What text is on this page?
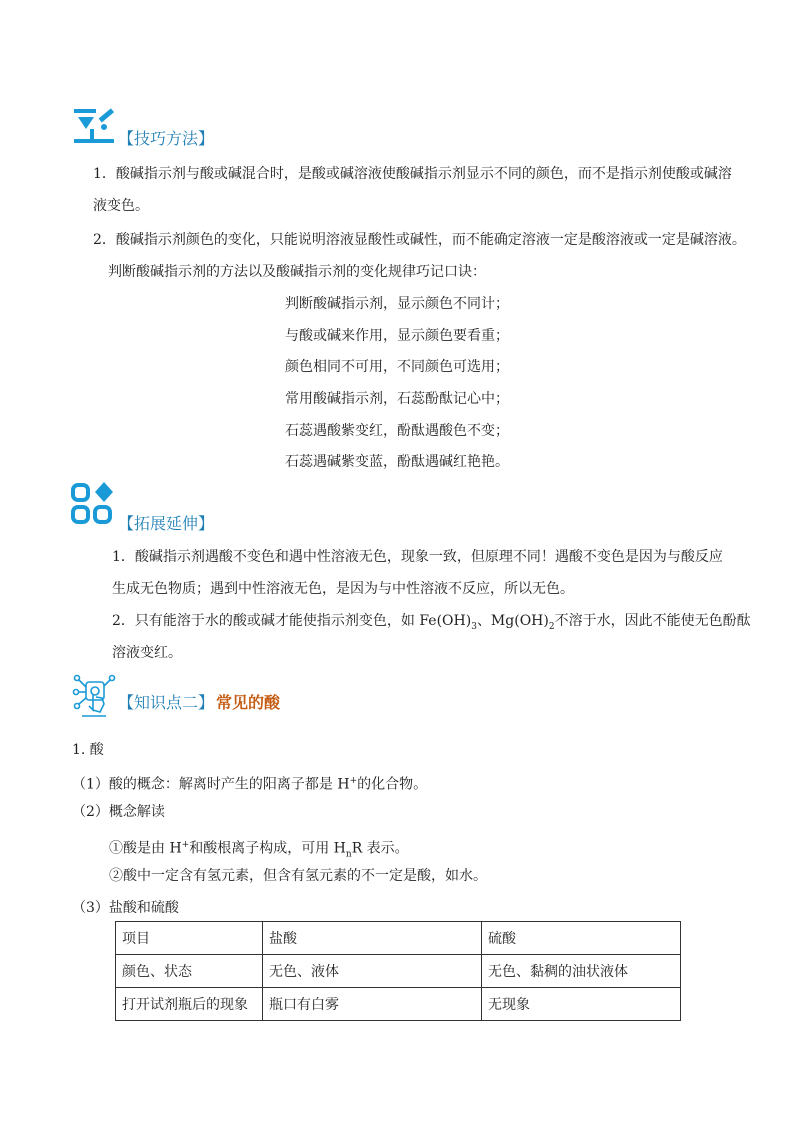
【技巧方法】
1．酸碱指示剂与酸或碱混合时，是酸或碱溶液使酸碱指示剂显示不同的颜色，而不是指示剂使酸或碱溶
液变色。
2．酸碱指示剂颜色的变化，只能说明溶液显酸性或碱性，而不能确定溶液一定是酸溶液或一定是碱溶液。
判断酸碱指示剂的方法以及酸碱指示剂的变化规律巧记口诀：
判断酸碱指示剂，显示颜色不同计；
与酸或碱来作用，显示颜色要看重；
颜色相同不可用，不同颜色可选用；
常用酸碱指示剂，石蕊酚酞记心中；
石蕊遇酸紫变红，酚酞遇酸色不变；
石蕊遇碱紫变蓝，酚酞遇碱红艳艳。
【拓展延伸】
1．酸碱指示剂遇酸不变色和遇中性溶液无色，现象一致，但原理不同！遇酸不变色是因为与酸反应
生成无色物质；遇到中性溶液无色，是因为与中性溶液不反应，所以无色。
2．只有能溶于水的酸或碱才能使指示剂变色，如 $Fe(OH)_3$、$Mg(OH)_2$不溶于水，因此不能使无色酚酞
溶液变红。
【知识点二】 常见的酸
1. 酸
（1）酸的概念：解离时产生的阳离子都是 H+的化合物。
（2）概念解读
①酸是由 H+和酸根离子构成，可用 $H_nR$ 表示。
②酸中一定含有氢元素，但含有氢元素的不一定是酸，如水。
（3）盐酸和硫酸
项目	盐酸	硫酸
颜色、状态	无色、液体	无色、黏稠的油状液体
打开试剂瓶后的现象	瓶口有白雾	无现象
